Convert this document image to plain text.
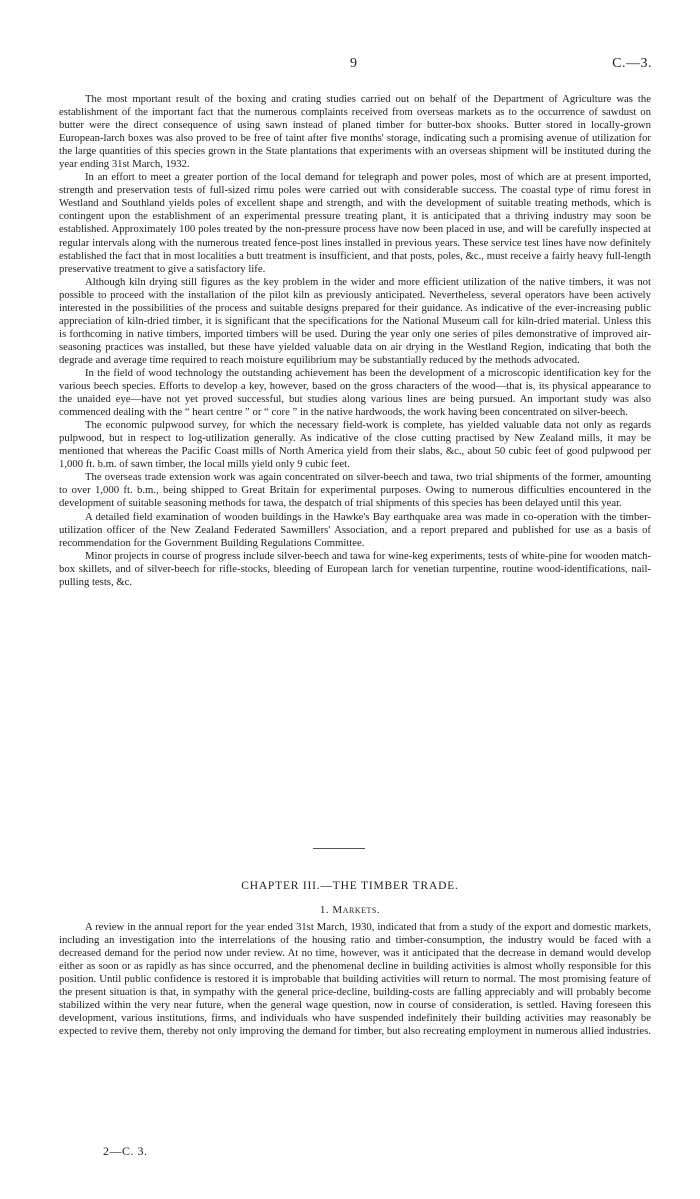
9	C.—3.

The most mportant result of the boxing and crating studies carried out on behalf of the Department of Agriculture was the establishment of the important fact that the numerous complaints received from overseas markets as to the occurrence of sawdust on butter were the direct consequence of using sawn instead of planed timber for butter-box shooks. Butter stored in locally-grown European-larch boxes was also proved to be free of taint after five months' storage, indicating such a promising avenue of utilization for the large quantities of this species grown in the State plantations that experiments with an overseas shipment will be instituted during the year ending 31st March, 1932.

In an effort to meet a greater portion of the local demand for telegraph and power poles, most of which are at present imported, strength and preservation tests of full-sized rimu poles were carried out with considerable success. The coastal type of rimu forest in Westland and Southland yields poles of excellent shape and strength, and with the development of suitable treating methods, which is contingent upon the establishment of an experimental pressure treating plant, it is anticipated that a thriving industry may soon be established. Approximately 100 poles treated by the non-pressure process have now been placed in use, and will be carefully inspected at regular intervals along with the numerous treated fence-post lines installed in previous years. These service test lines have now definitely established the fact that in most localities a butt treatment is insufficient, and that posts, poles, &c., must receive a fairly heavy full-length preservative treatment to give a satisfactory life.

Although kiln drying still figures as the key problem in the wider and more efficient utilization of the native timbers, it was not possible to proceed with the installation of the pilot kiln as previously anticipated. Nevertheless, several operators have been actively interested in the possibilities of the process and suitable designs prepared for their guidance. As indicative of the ever-increasing public appreciation of kiln-dried timber, it is significant that the specifications for the National Museum call for kiln-dried material. Unless this is forthcoming in native timbers, imported timbers will be used. During the year only one series of piles demonstrative of improved air-seasoning practices was installed, but these have yielded valuable data on air drying in the Westland Region, indicating that both the degrade and average time required to reach moisture equilibrium may be substantially reduced by the methods advocated.

In the field of wood technology the outstanding achievement has been the development of a microscopic identification key for the various beech species. Efforts to develop a key, however, based on the gross characters of the wood—that is, its physical appearance to the unaided eye—have not yet proved successful, but studies along various lines are being pursued. An important study was also commenced dealing with the “ heart centre ” or “ core ” in the native hardwoods, the work having been concentrated on silver-beech.

The economic pulpwood survey, for which the necessary field-work is complete, has yielded valuable data not only as regards pulpwood, but in respect to log-utilization generally. As indicative of the close cutting practised by New Zealand mills, it may be mentioned that whereas the Pacific Coast mills of North America yield from their slabs, &c., about 50 cubic feet of good pulpwood per 1,000 ft. b.m. of sawn timber, the local mills yield only 9 cubic feet.

The overseas trade extension work was again concentrated on silver-beech and tawa, two trial shipments of the former, amounting to over 1,000 ft. b.m., being shipped to Great Britain for experimental purposes. Owing to numerous difficulties encountered in the development of suitable seasoning methods for tawa, the despatch of trial shipments of this species has been delayed until this year.

A detailed field examination of wooden buildings in the Hawke's Bay earthquake area was made in co-operation with the timber-utilization officer of the New Zealand Federated Sawmillers' Association, and a report prepared and published for use as a basis of recommendation for the Government Building Regulations Committee.

Minor projects in course of progress include silver-beech and tawa for wine-keg experiments, tests of white-pine for wooden match-box skillets, and of silver-beech for rifle-stocks, bleeding of European larch for venetian turpentine, routine wood-identifications, nail-pulling tests, &c.

CHAPTER III.—THE TIMBER TRADE.
1. Markets.

A review in the annual report for the year ended 31st March, 1930, indicated that from a study of the export and domestic markets, including an investigation into the interrelations of the housing ratio and timber-consumption, the industry would be faced with a decreased demand for the period now under review. At no time, however, was it anticipated that the decrease in demand would develop either as soon or as rapidly as has since occurred, and the phenomenal decline in building activities is almost wholly responsible for this position. Until public confidence is restored it is improbable that building activities will return to normal. The most promising feature of the present situation is that, in sympathy with the general price-decline, building-costs are falling appreciably and will probably become stabilized within the very near future, when the general wage question, now in course of consideration, is settled. Having foreseen this development, various institutions, firms, and individuals who have suspended indefinitely their building activities may reasonably be expected to revive them, thereby not only improving the demand for timber, but also recreating employment in numerous allied industries.

2—C. 3.
